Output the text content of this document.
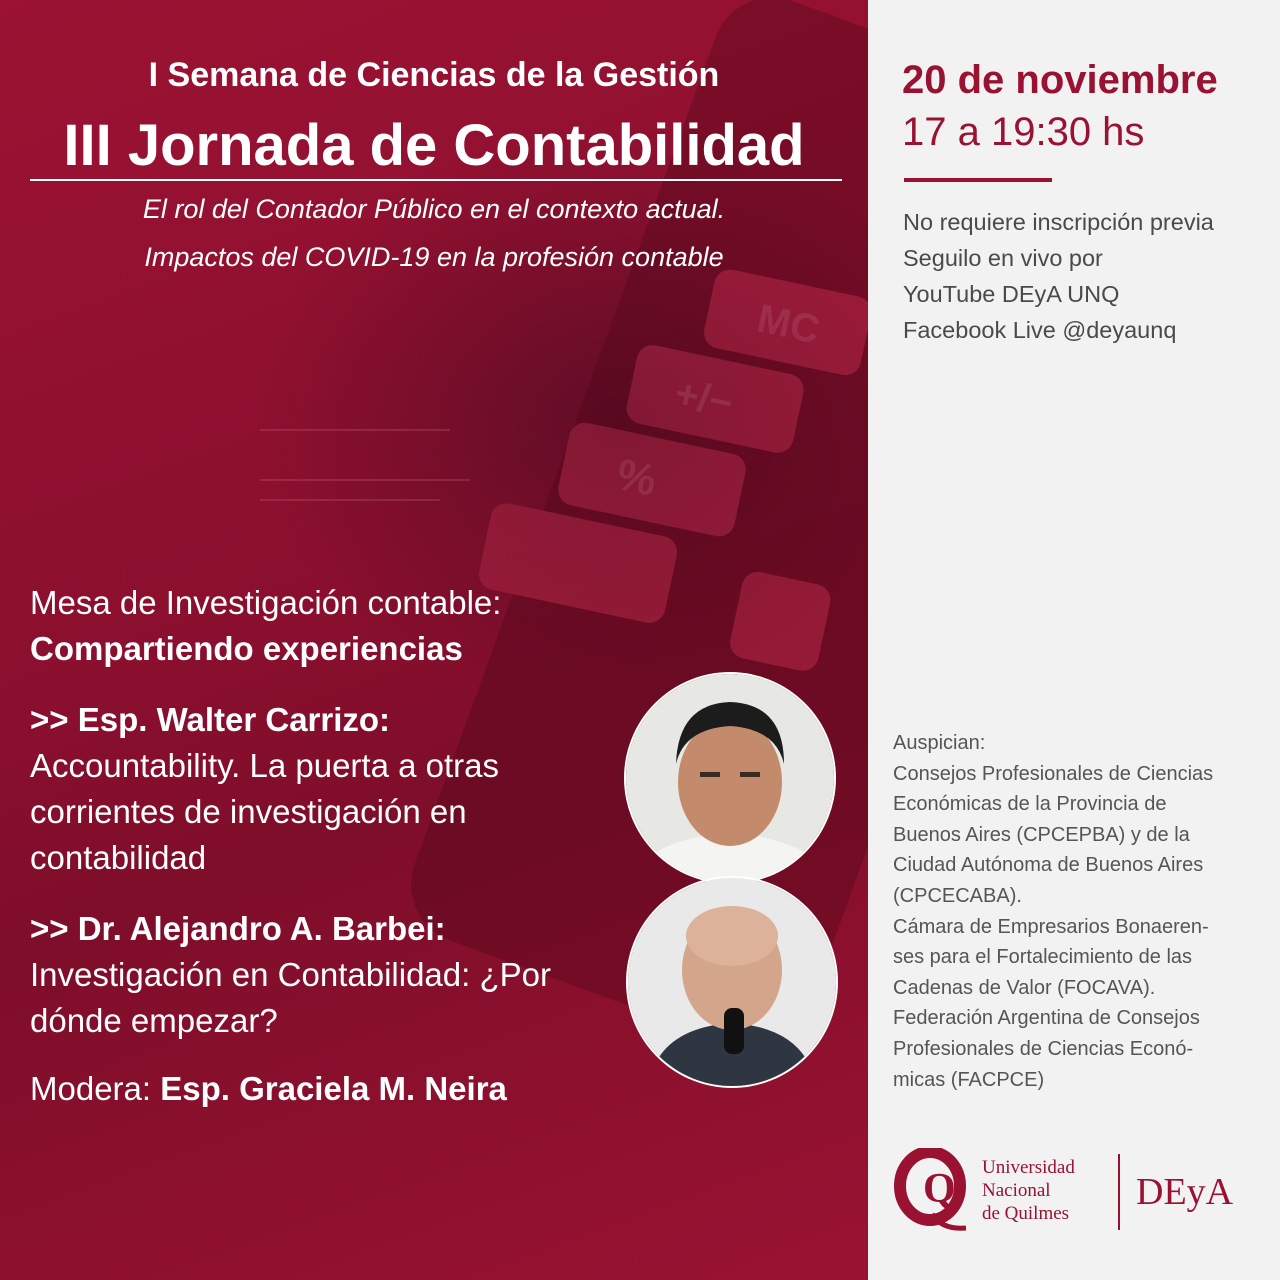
MC
+/−
%
I Semana de Ciencias de la Gestión
III Jornada de Contabilidad
El rol del Contador Público en el contexto actual.
Impactos del COVID-19 en la profesión contable
Mesa de Investigación contable:
Compartiendo experiencias
>> Esp. Walter Carrizo:
Accountability. La puerta a otras
corrientes de investigación en
contabilidad
>> Dr. Alejandro A. Barbei:
Investigación en Contabilidad: ¿Por
dónde empezar?
Modera: Esp. Graciela M. Neira
20 de noviembre
17 a 19:30 hs
No requiere inscripción previa
Seguilo en vivo por
YouTube DEyA UNQ
Facebook Live @deyaunq
Auspician:
Consejos Profesionales de Ciencias
Económicas de la Provincia de
Buenos Aires (CPCEPBA) y de la
Ciudad Autónoma de Buenos Aires
(CPCECABA).
Cámara de Empresarios Bonaeren-
ses para el Fortalecimiento de las
Cadenas de Valor (FOCAVA).
Federación Argentina de Consejos
Profesionales de Ciencias Econó-
micas (FACPCE)
Q Universidad
Nacional
de Quilmes
DEyA
